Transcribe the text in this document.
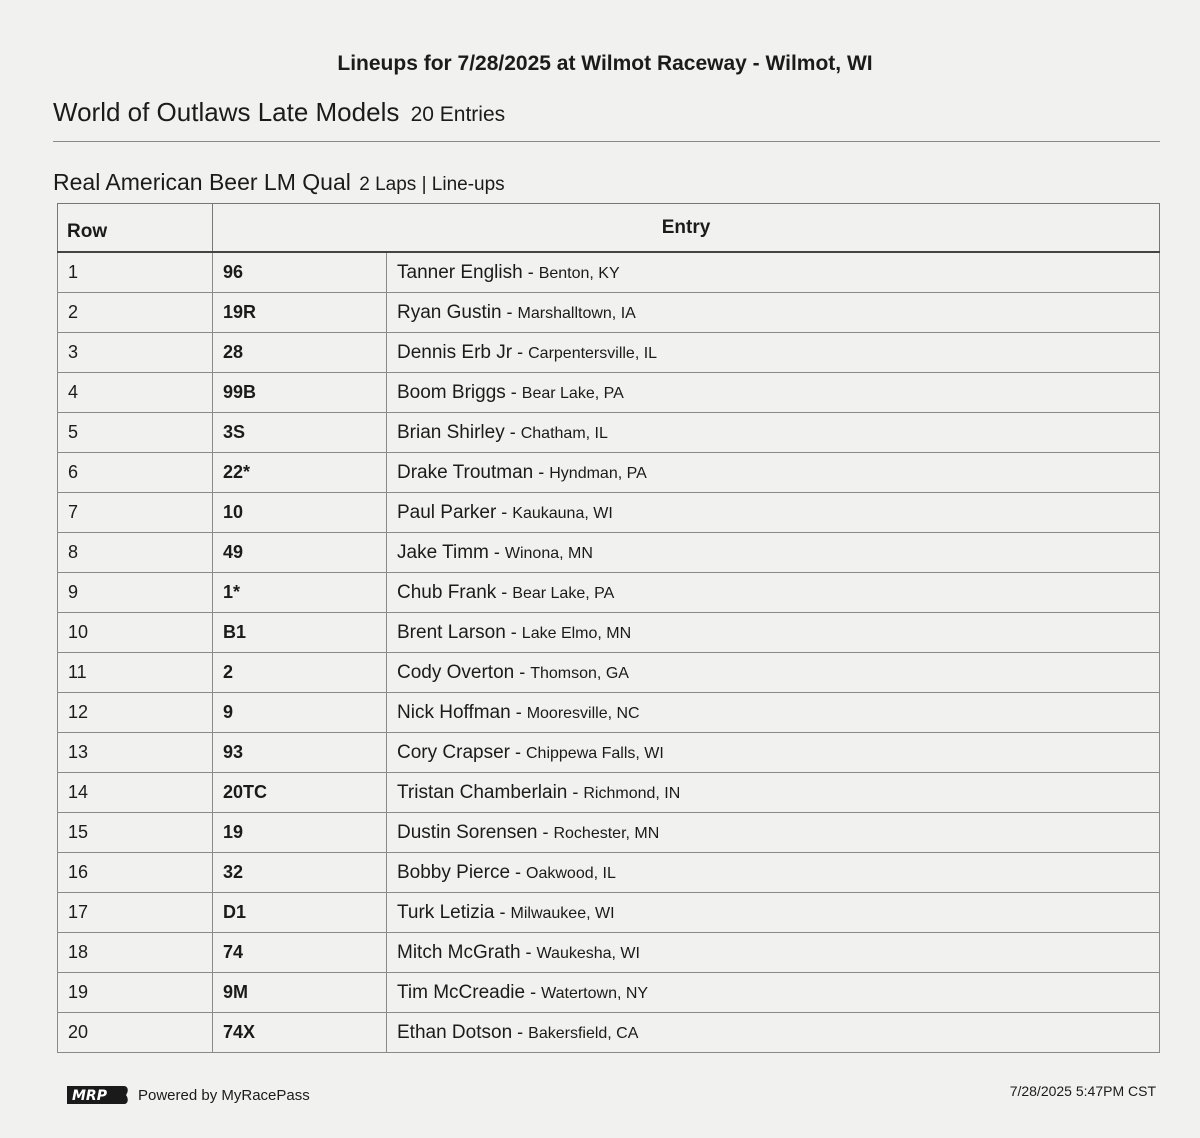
Lineups for 7/28/2025 at Wilmot Raceway - Wilmot, WI
World of Outlaws Late Models 20 Entries
Real American Beer LM Qual 2 Laps | Line-ups
Row	Entry	
1	96	Tanner English - Benton, KY
2	19R	Ryan Gustin - Marshalltown, IA
3	28	Dennis Erb Jr - Carpentersville, IL
4	99B	Boom Briggs - Bear Lake, PA
5	3S	Brian Shirley - Chatham, IL
6	22*	Drake Troutman - Hyndman, PA
7	10	Paul Parker - Kaukauna, WI
8	49	Jake Timm - Winona, MN
9	1*	Chub Frank - Bear Lake, PA
10	B1	Brent Larson - Lake Elmo, MN
11	2	Cody Overton - Thomson, GA
12	9	Nick Hoffman - Mooresville, NC
13	93	Cory Crapser - Chippewa Falls, WI
14	20TC	Tristan Chamberlain - Richmond, IN
15	19	Dustin Sorensen - Rochester, MN
16	32	Bobby Pierce - Oakwood, IL
17	D1	Turk Letizia - Milwaukee, WI
18	74	Mitch McGrath - Waukesha, WI
19	9M	Tim McCreadie - Watertown, NY
20	74X	Ethan Dotson - Bakersfield, CA
MRP Powered by MyRacePass	7/28/2025 5:47PM CST
